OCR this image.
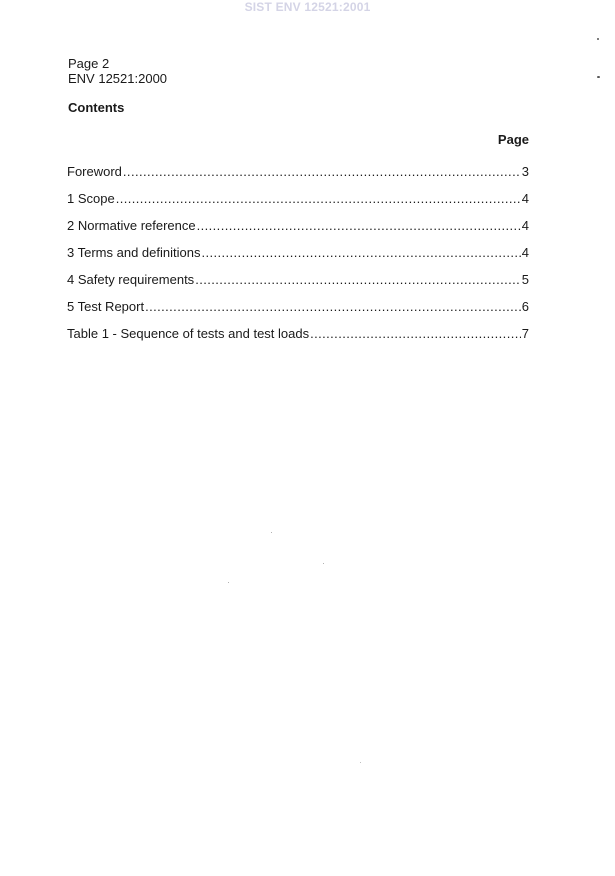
SIST ENV 12521:2001
Page 2
ENV 12521:2000
Contents
Page
Foreword .....	3
1 Scope .....	4
2 Normative reference .....	4
3 Terms and definitions .....	4
4 Safety requirements .....	5
5 Test Report .....	6
Table 1 - Sequence of tests and test loads .....	7
